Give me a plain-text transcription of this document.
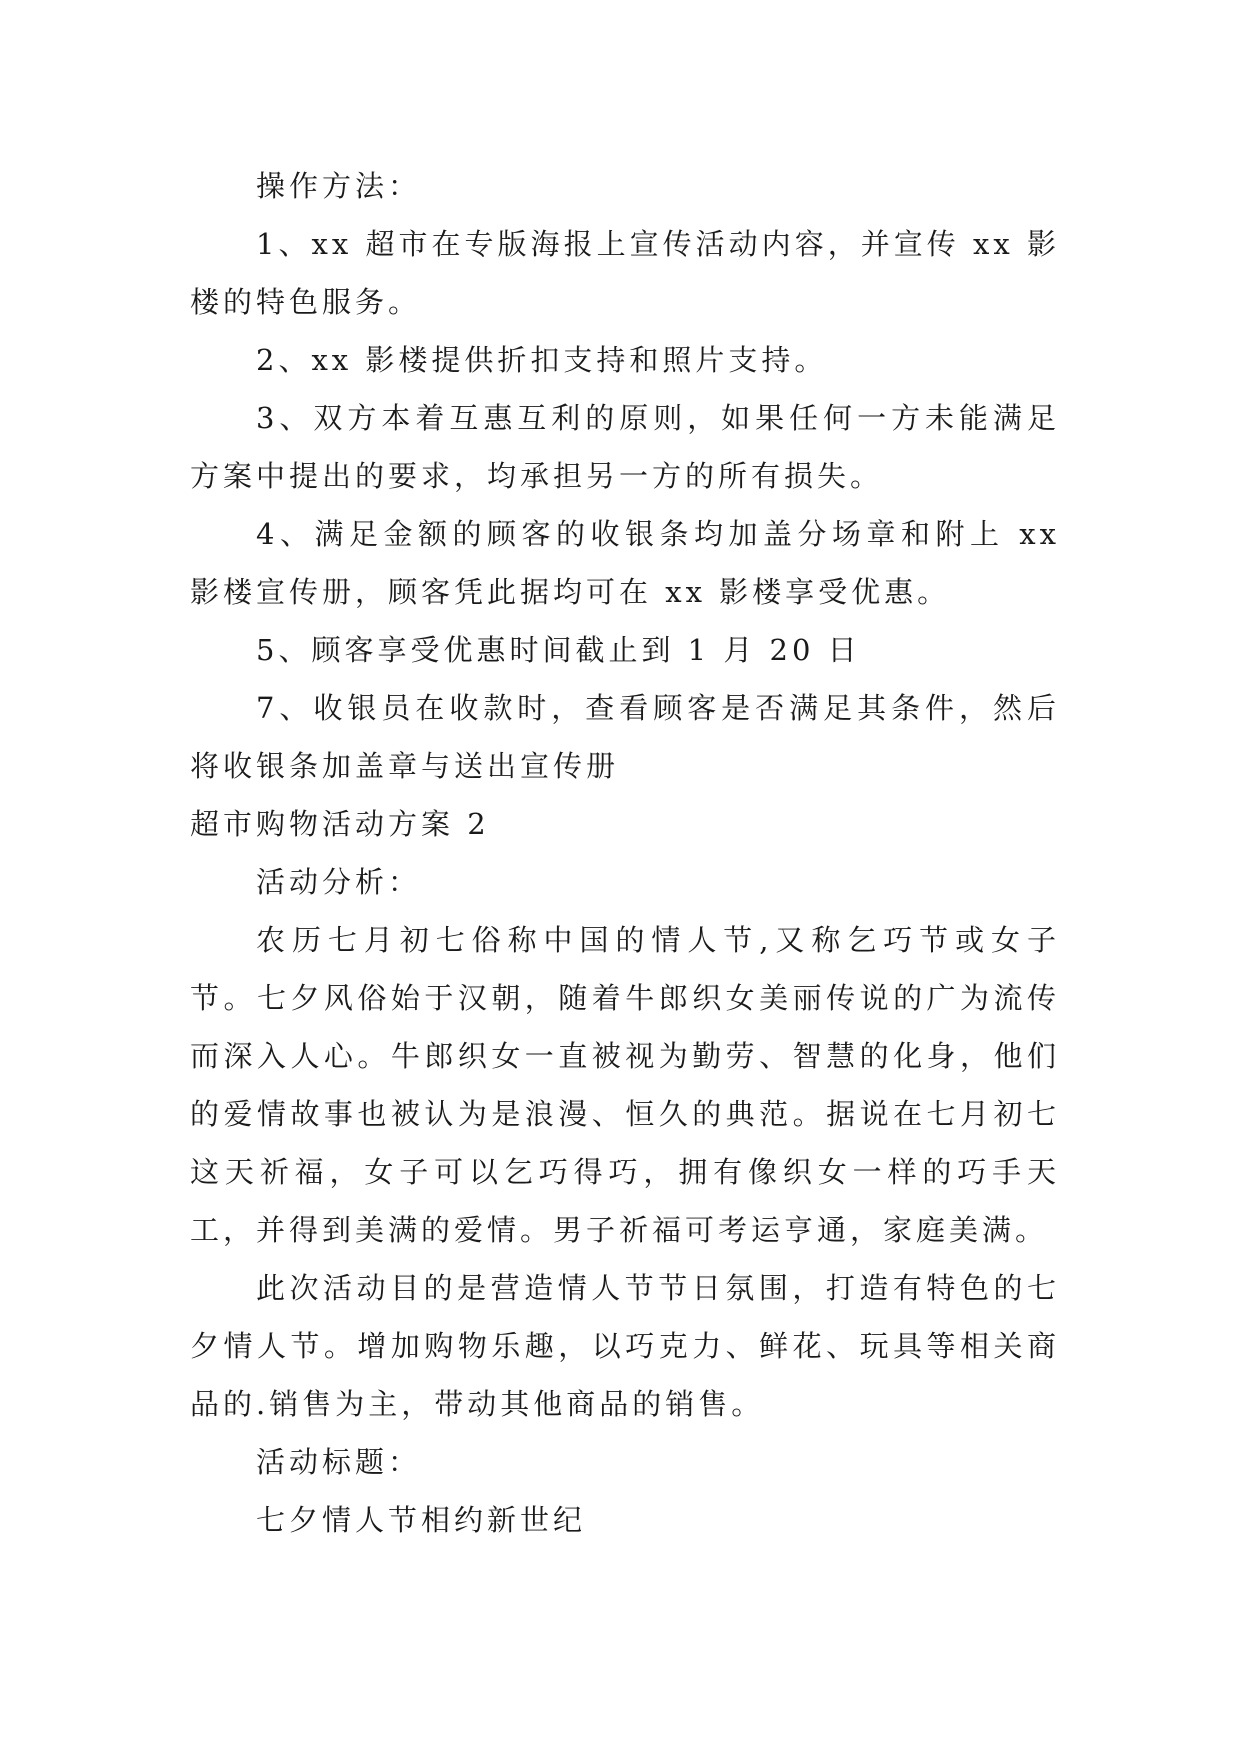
操作方法：

1、xx 超市在专版海报上宣传活动内容，并宣传 xx 影楼的特色服务。

2、xx 影楼提供折扣支持和照片支持。

3、双方本着互惠互利的原则，如果任何一方未能满足方案中提出的要求，均承担另一方的所有损失。

4、满足金额的顾客的收银条均加盖分场章和附上 xx 影楼宣传册，顾客凭此据均可在 xx 影楼享受优惠。

5、顾客享受优惠时间截止到 1 月 20 日

7、收银员在收款时，查看顾客是否满足其条件，然后将收银条加盖章与送出宣传册

超市购物活动方案 2

活动分析：

农历七月初七俗称中国的情人节,又称乞巧节或女子节。七夕风俗始于汉朝，随着牛郎织女美丽传说的广为流传而深入人心。牛郎织女一直被视为勤劳、智慧的化身，他们的爱情故事也被认为是浪漫、恒久的典范。据说在七月初七这天祈福，女子可以乞巧得巧，拥有像织女一样的巧手天工，并得到美满的爱情。男子祈福可考运亨通，家庭美满。

此次活动目的是营造情人节节日氛围，打造有特色的七夕情人节。增加购物乐趣，以巧克力、鲜花、玩具等相关商品的.销售为主，带动其他商品的销售。

活动标题：

七夕情人节相约新世纪
